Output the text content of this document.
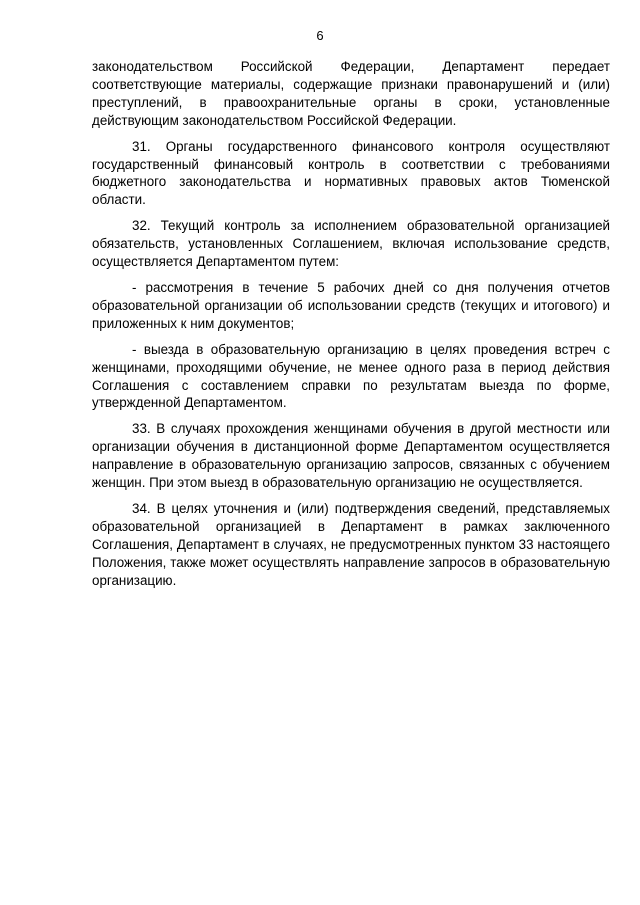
6

законодательством Российской Федерации, Департамент передает соответствующие материалы, содержащие признаки правонарушений и (или) преступлений, в правоохранительные органы в сроки, установленные действующим законодательством Российской Федерации.

31. Органы государственного финансового контроля осуществляют государственный финансовый контроль в соответствии с требованиями бюджетного законодательства и нормативных правовых актов Тюменской области.

32. Текущий контроль за исполнением образовательной организацией обязательств, установленных Соглашением, включая использование средств, осуществляется Департаментом путем:

- рассмотрения в течение 5 рабочих дней со дня получения отчетов образовательной организации об использовании средств (текущих и итогового) и приложенных к ним документов;

- выезда в образовательную организацию в целях проведения встреч с женщинами, проходящими обучение, не менее одного раза в период действия Соглашения с составлением справки по результатам выезда по форме, утвержденной Департаментом.

33. В случаях прохождения женщинами обучения в другой местности или организации обучения в дистанционной форме Департаментом осуществляется направление в образовательную организацию запросов, связанных с обучением женщин. При этом выезд в образовательную организацию не осуществляется.

34. В целях уточнения и (или) подтверждения сведений, представляемых образовательной организацией в Департамент в рамках заключенного Соглашения, Департамент в случаях, не предусмотренных пунктом 33 настоящего Положения, также может осуществлять направление запросов в образовательную организацию.
